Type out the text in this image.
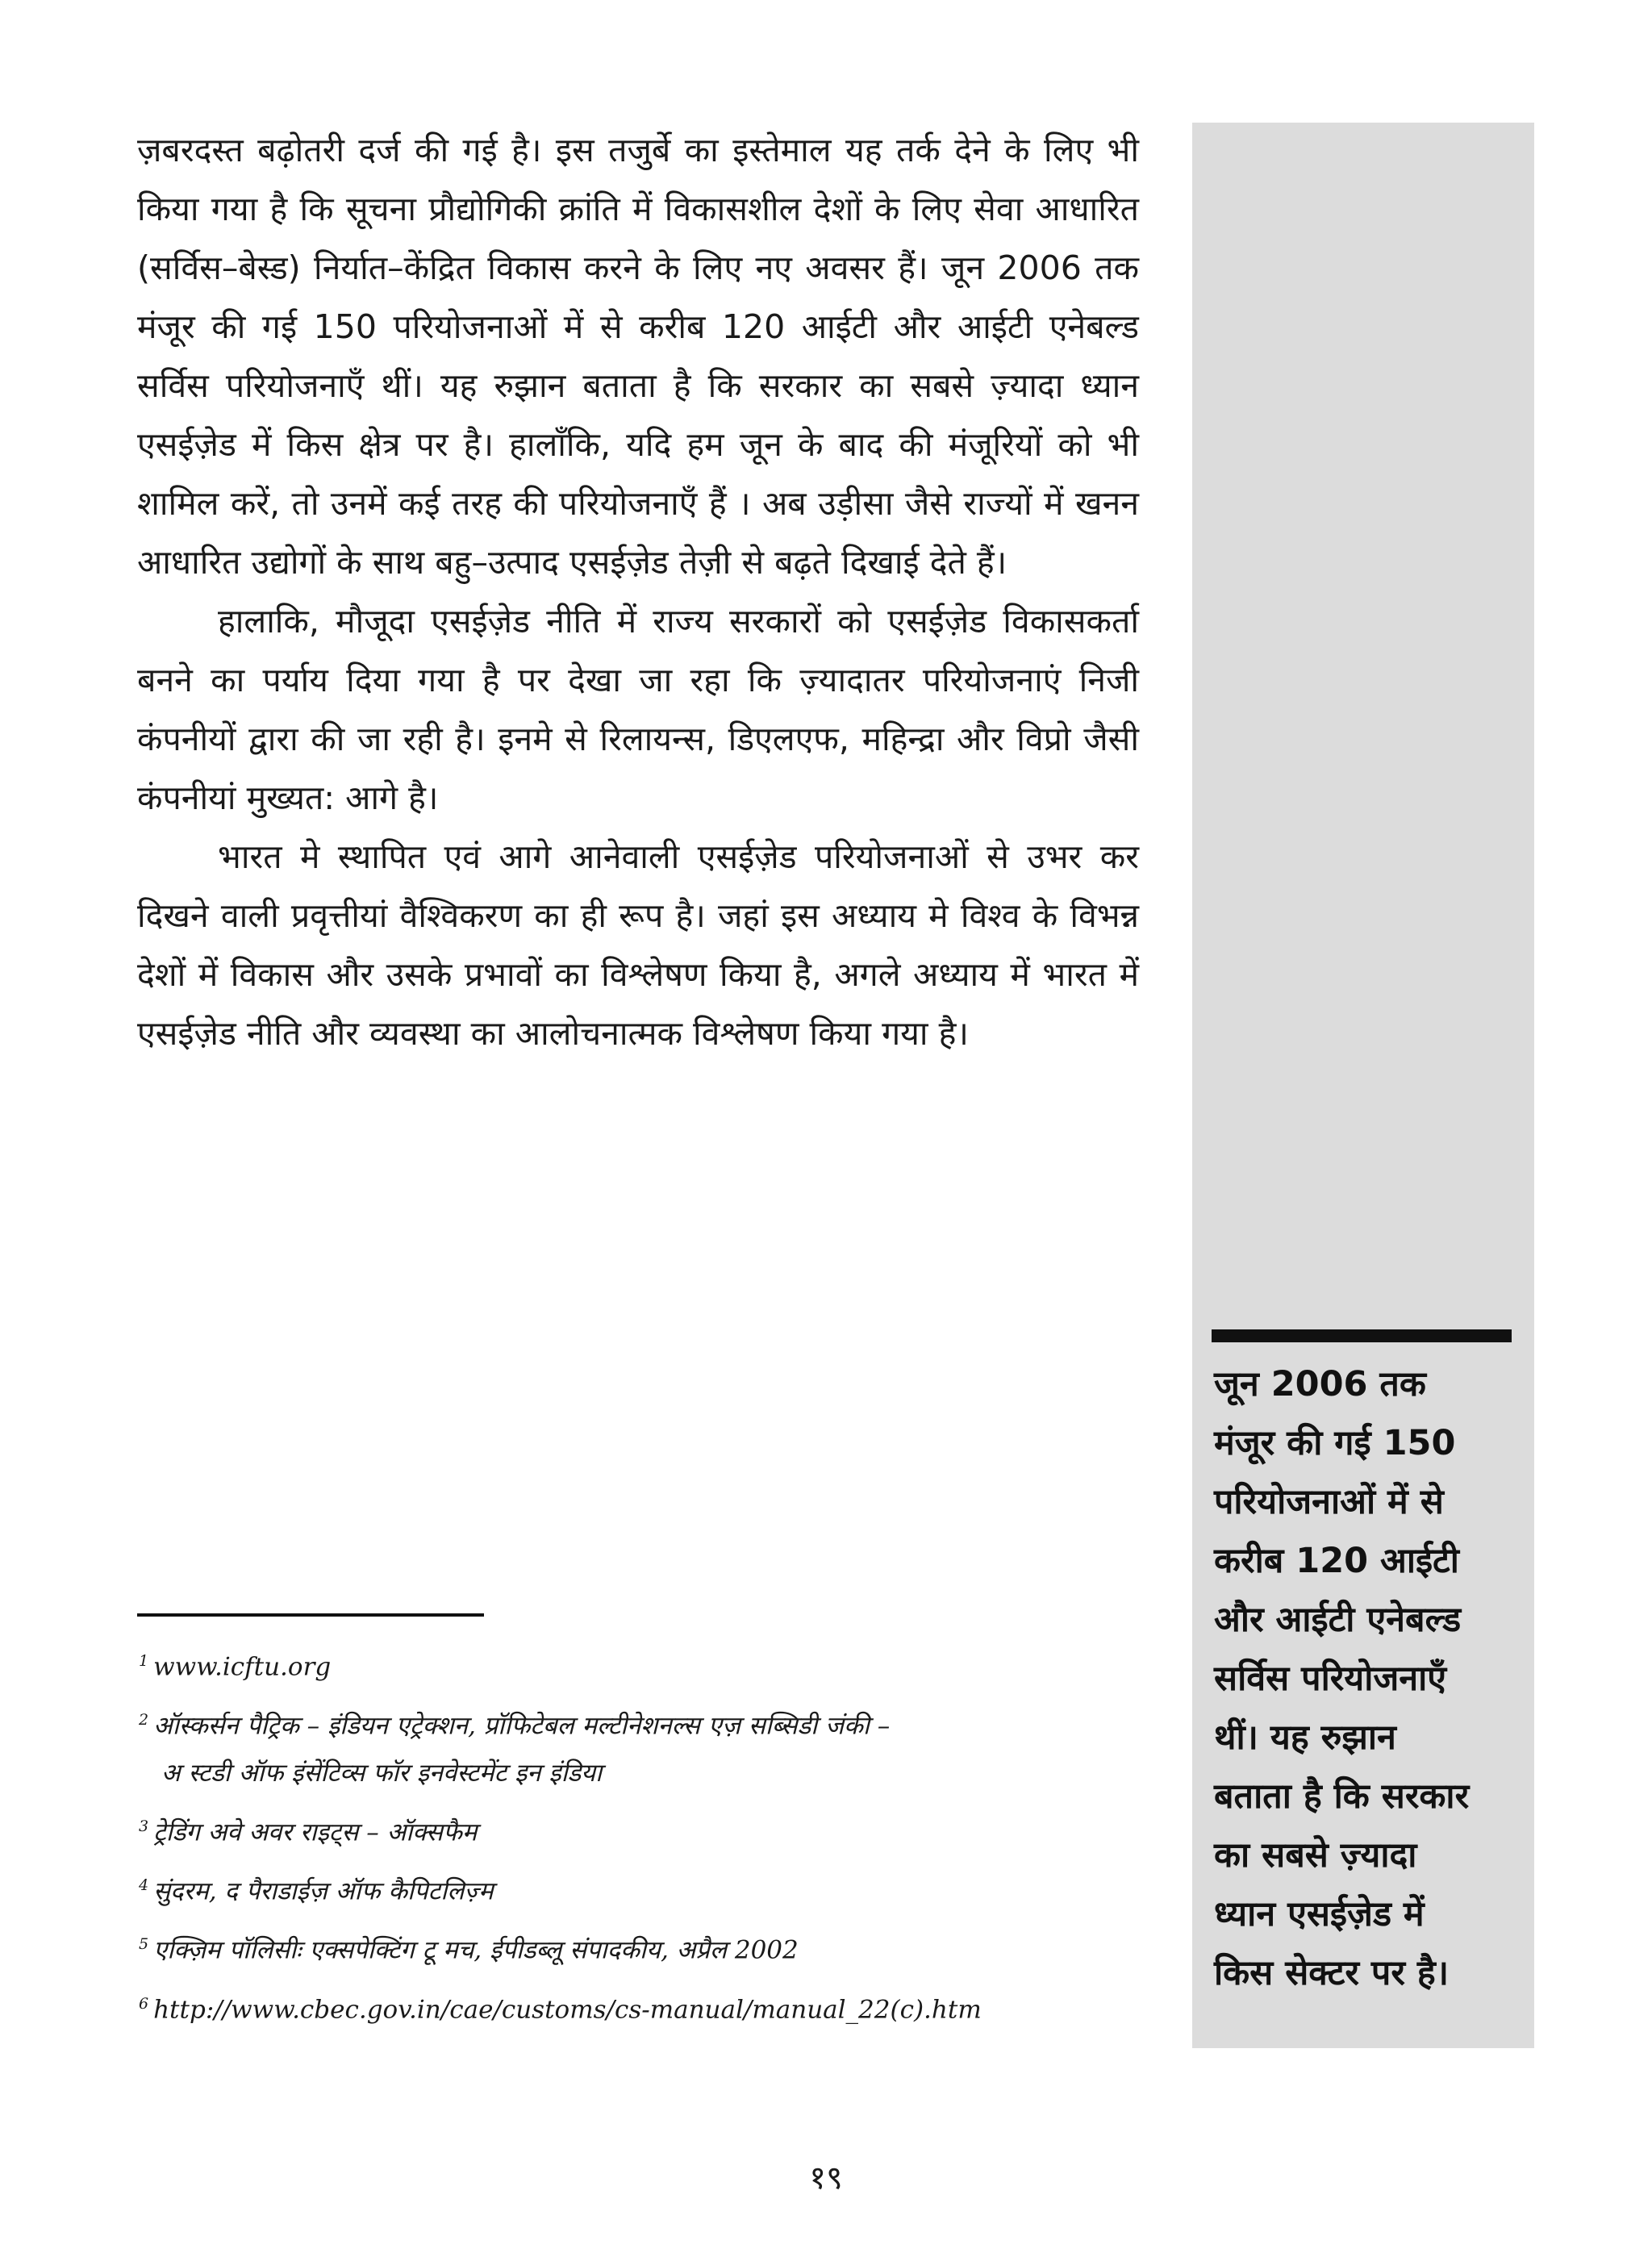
ज़बरदस्त बढ़ोतरी दर्ज की गई है। इस तजुर्बे का इस्तेमाल यह तर्क देने के लिए भी किया गया है कि सूचना प्रौद्योगिकी क्रांति में विकासशील देशों के लिए सेवा आधारित (सर्विस–बेस्ड) निर्यात–केंद्रित विकास करने के लिए नए अवसर हैं। जून 2006 तक मंजूर की गई 150 परियोजनाओं में से करीब 120 आईटी और आईटी एनेबल्ड सर्विस परियोजनाएँ थीं। यह रुझान बताता है कि सरकार का सबसे ज़्यादा ध्यान एसईज़ेड में किस क्षेत्र पर है। हालाँकि, यदि हम जून के बाद की मंजूरियों को भी शामिल करें, तो उनमें कई तरह की परियोजनाएँ हैं । अब उड़ीसा जैसे राज्यों में खनन आधारित उद्योगों के साथ बहु–उत्पाद एसईज़ेड तेज़ी से बढ़ते दिखाई देते हैं।

हालाकि, मौजूदा एसईज़ेड नीति में राज्य सरकारों को एसईज़ेड विकासकर्ता बनने का पर्याय दिया गया है पर देखा जा रहा कि ज़्यादातर परियोजनाएं निजी कंपनीयों द्वारा की जा रही है। इनमे से रिलायन्स, डिएलएफ, महिन्द्रा और विप्रो जैसी कंपनीयां मुख्यत: आगे है।

भारत मे स्थापित एवं आगे आनेवाली एसईज़ेड परियोजनाओं से उभर कर दिखने वाली प्रवृत्तीयां वैश्विकरण का ही रूप है। जहां इस अध्याय मे विश्व के विभन्न देशों में विकास और उसके प्रभावों का विश्लेषण किया है, अगले अध्याय में भारत में एसईज़ेड नीति और व्यवस्था का आलोचनात्मक विश्लेषण किया गया है।

जून 2006 तक
मंजूर की गई 150
परियोजनाओं में से
करीब 120 आईटी
और आईटी एनेबल्ड
सर्विस परियोजनाएँ
थीं। यह रुझान
बताता है कि सरकार
का सबसे ज़्यादा
ध्यान एसईज़ेड में
किस सेक्टर पर है।
$^1$ www.icftu.org
$^2$ ऑस्कर्सन पैट्रिक – इंडियन एट्रेक्शन, प्रॉफिटेबल मल्टीनेशनल्स एज़ सब्सिडी जंकी –
अ स्टडी ऑफ इंसेंटिव्स फॉर इनवेस्टमेंट इन इंडिया
$^3$ ट्रेडिंग अवे अवर राइट्स – ऑक्सफैम
$^4$ सुंदरम, द पैराडाईज़ ऑफ कैपिटलिज़्म
$^5$ एक्ज़िम पॉलिसीः एक्सपेक्टिंग टू मच, ईपीडब्लू संपादकीय, अप्रैल 2002
$^6$ http://www.cbec.gov.in/cae/customs/cs-manual/manual_22(c).htm
१९
